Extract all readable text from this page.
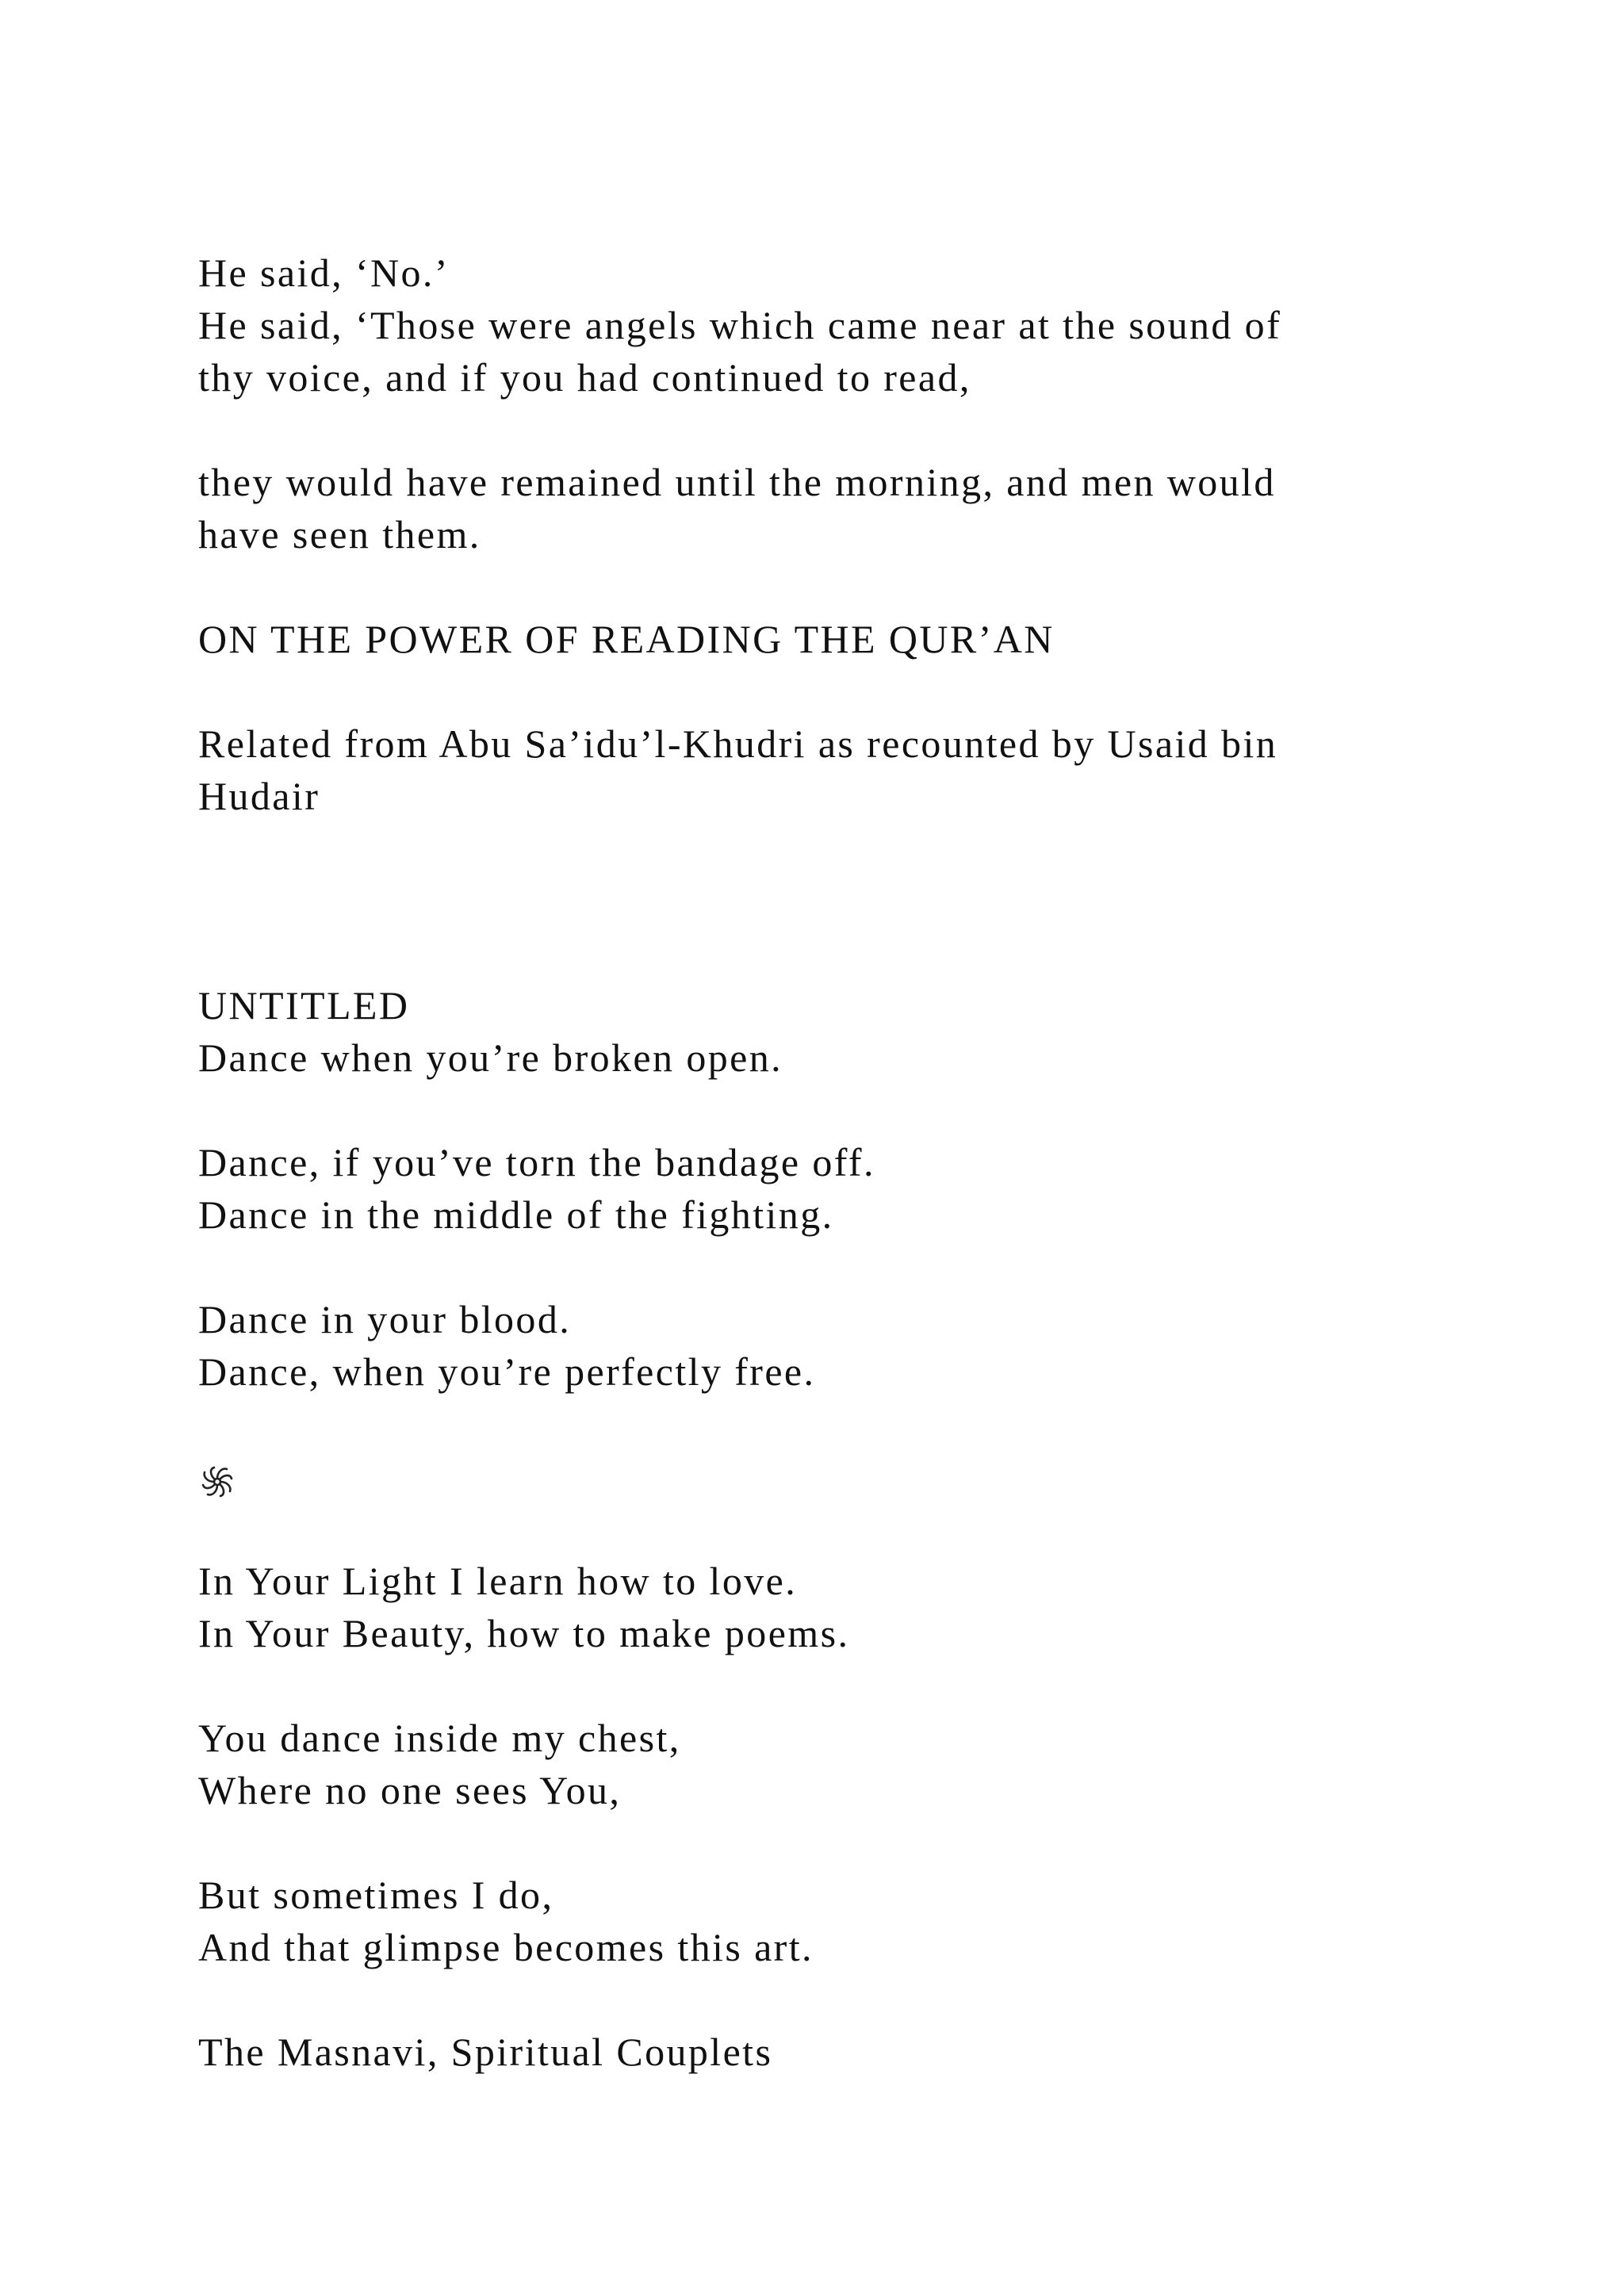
He said, ‘No.’

He said, ‘Those were angels which came near at the sound of

thy voice, and if you had continued to read,

they would have remained until the morning, and men would

have seen them.

ON THE POWER OF READING THE QUR’AN

Related from Abu Sa’idu’l-Khudri as recounted by Usaid bin

Hudair

UNTITLED

Dance when you’re broken open.

Dance, if you’ve torn the bandage off.

Dance in the middle of the fighting.

Dance in your blood.

Dance, when you’re perfectly free.

In Your Light I learn how to love.

In Your Beauty, how to make poems.

You dance inside my chest,

Where no one sees You,

But sometimes I do,

And that glimpse becomes this art.

The Masnavi, Spiritual Couplets
